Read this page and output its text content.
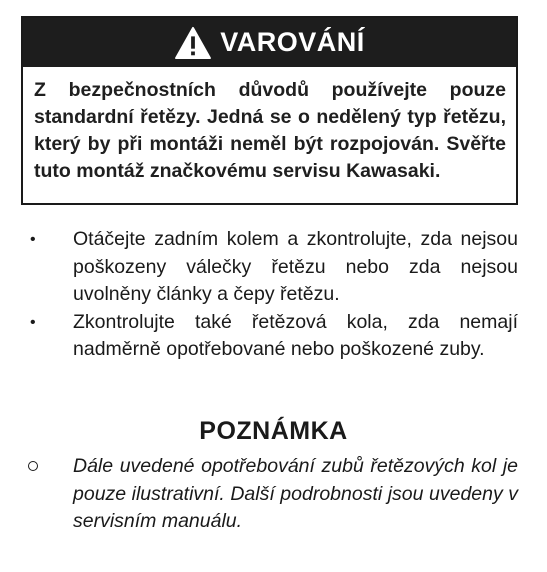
VAROVÁNÍ
Z bezpečnostních důvodů používejte pouze standardní řetězy. Jedná se o nedělený typ řetězu, který by při montáži neměl být rozpojován. Svěřte tuto montáž značkovému servisu Kawasaki.
• Otáčejte zadním kolem a zkontrolujte, zda nejsou poškozeny válečky řetězu nebo zda nejsou uvolněny články a čepy řetězu.
• Zkontrolujte také řetězová kola, zda nemají nadměrně opotřebované nebo poškozené zuby.
POZNÁMKA
Dále uvedené opotřebování zubů řetězových kol je pouze ilustrativní. Další podrobnosti jsou uvedeny v servisním manuálu.
